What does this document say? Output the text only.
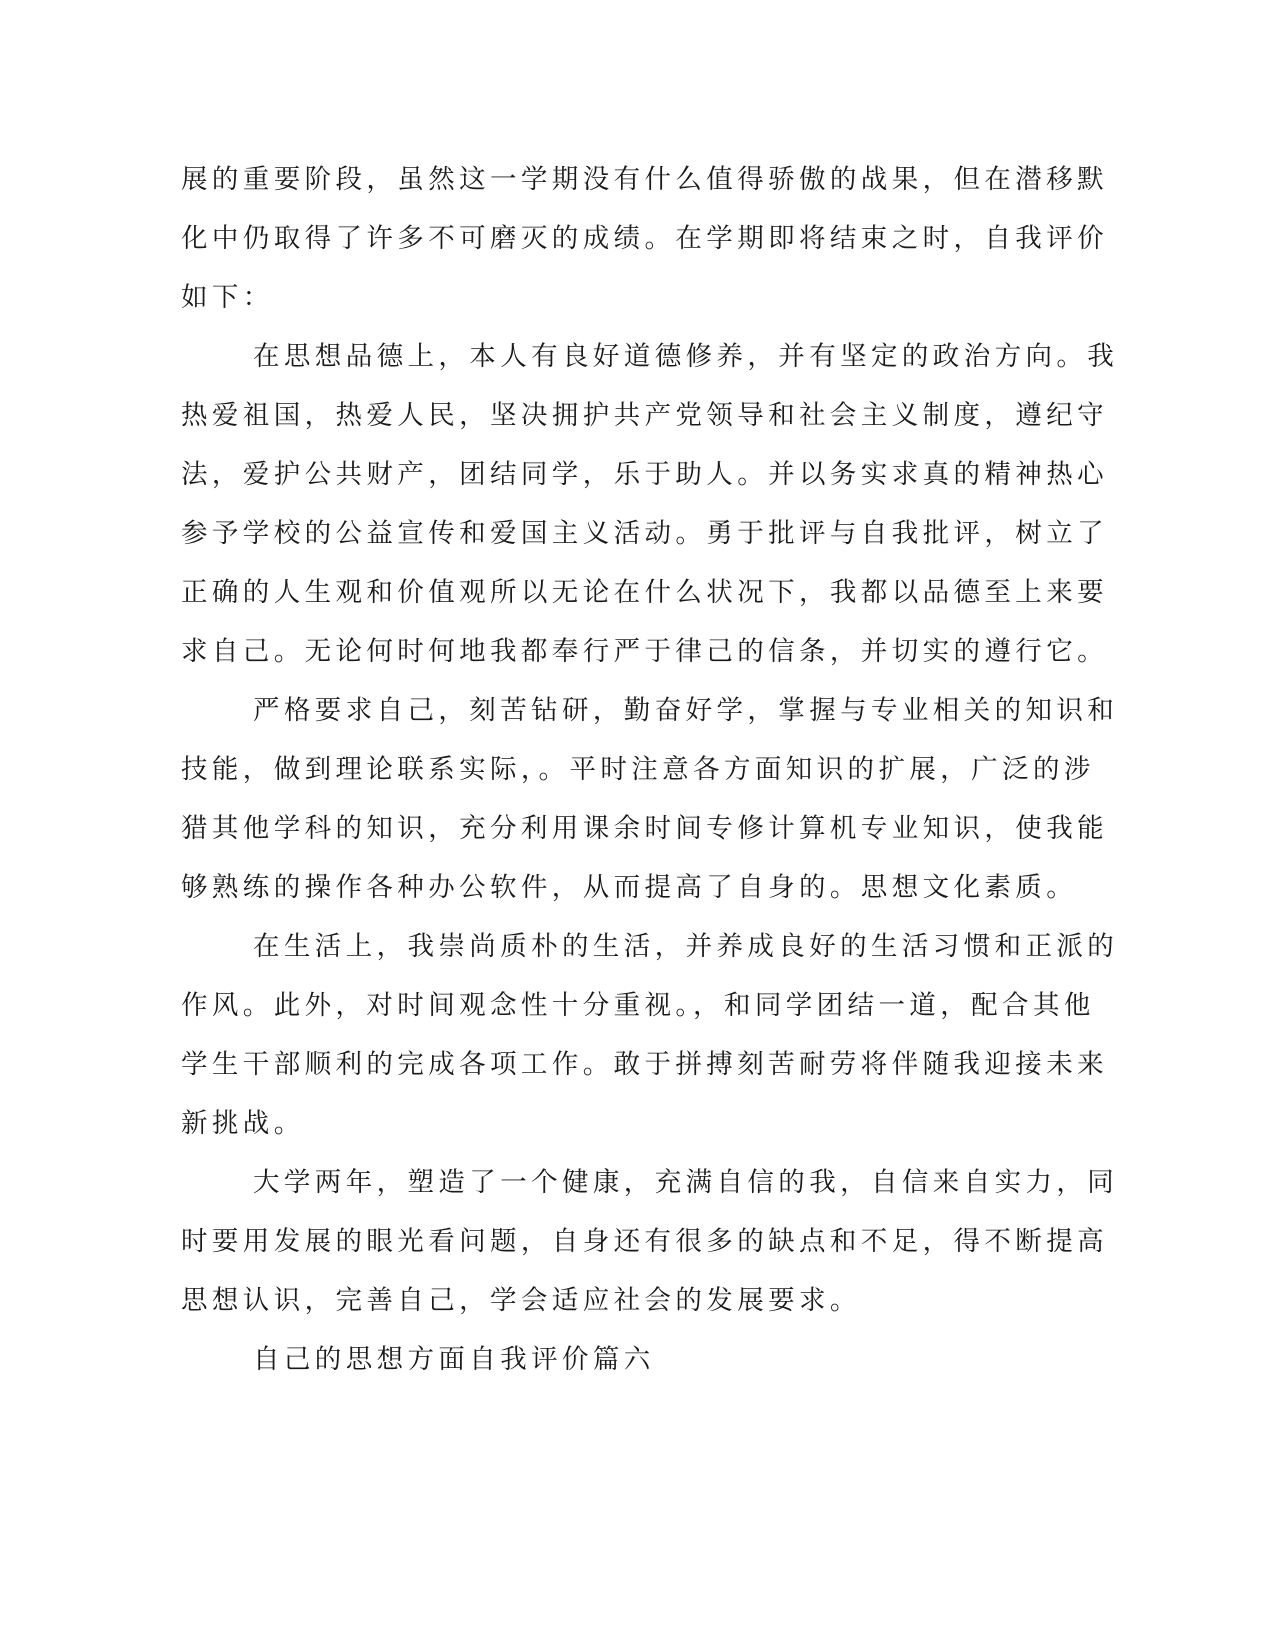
展的重要阶段，虽然这一学期没有什么值得骄傲的战果，但在潜移默
化中仍取得了许多不可磨灭的成绩。在学期即将结束之时，自我评价
如下：
在思想品德上，本人有良好道德修养，并有坚定的政治方向。我
热爱祖国，热爱人民，坚决拥护共产党领导和社会主义制度，遵纪守
法，爱护公共财产，团结同学，乐于助人。并以务实求真的精神热心
参予学校的公益宣传和爱国主义活动。勇于批评与自我批评，树立了
正确的人生观和价值观所以无论在什么状况下，我都以品德至上来要
求自己。无论何时何地我都奉行严于律己的信条，并切实的遵行它。
严格要求自己，刻苦钻研，勤奋好学，掌握与专业相关的知识和
技能，做到理论联系实际，。平时注意各方面知识的扩展，广泛的涉
猎其他学科的知识，充分利用课余时间专修计算机专业知识，使我能
够熟练的操作各种办公软件，从而提高了自身的。思想文化素质。
在生活上，我崇尚质朴的生活，并养成良好的生活习惯和正派的
作风。此外，对时间观念性十分重视。，和同学团结一道，配合其他
学生干部顺利的完成各项工作。敢于拼搏刻苦耐劳将伴随我迎接未来
新挑战。
大学两年，塑造了一个健康，充满自信的我，自信来自实力，同
时要用发展的眼光看问题，自身还有很多的缺点和不足，得不断提高
思想认识，完善自己，学会适应社会的发展要求。
自己的思想方面自我评价篇六
